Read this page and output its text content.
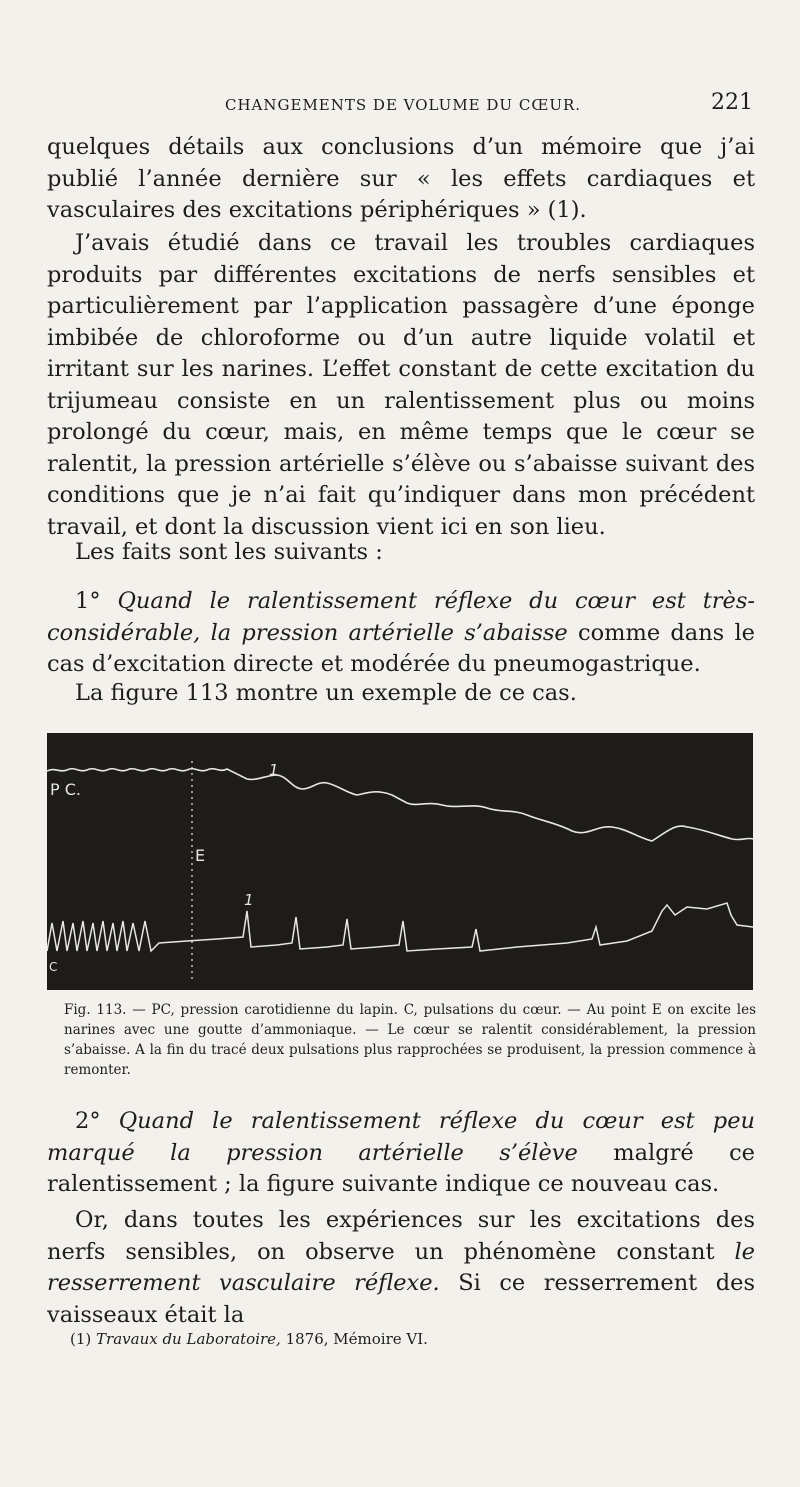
CHANGEMENTS DE VOLUME DU CŒUR.	221

quelques détails aux conclusions d’un mémoire que j’ai publié l’année dernière sur « les effets cardiaques et vasculaires des excitations périphériques » (1).

J’avais étudié dans ce travail les troubles cardiaques produits par différentes excitations de nerfs sensibles et particulièrement par l’application passagère d’une éponge imbibée de chloroforme ou d’un autre liquide volatil et irritant sur les narines. L’effet constant de cette excitation du trijumeau consiste en un ralentissement plus ou moins prolongé du cœur, mais, en même temps que le cœur se ralentit, la pression artérielle s’élève ou s’abaisse suivant des conditions que je n’ai fait qu’indiquer dans mon précédent travail, et dont la discussion vient ici en son lieu.

Les faits sont les suivants :

1° Quand le ralentissement réflexe du cœur est très-considérable, la pression artérielle s’abaisse comme dans le cas d’excitation directe et modérée du pneumogastrique.

La figure 113 montre un exemple de ce cas.

P C.
E
C
1
1

Fig. 113. — PC, pression carotidienne du lapin. C, pulsations du cœur. — Au point E on excite les narines avec une goutte d’ammoniaque. — Le cœur se ralentit considérablement, la pression s’abaisse. A la fin du tracé deux pulsations plus rapprochées se produisent, la pression commence à remonter.

2° Quand le ralentissement réflexe du cœur est peu marqué la pression artérielle s’élève malgré ce ralentissement ; la figure suivante indique ce nouveau cas.

Or, dans toutes les expériences sur les excitations des nerfs sensibles, on observe un phénomène constant le resserrement vasculaire réflexe. Si ce resserrement des vaisseaux était la

(1) Travaux du Laboratoire, 1876, Mémoire VI.
